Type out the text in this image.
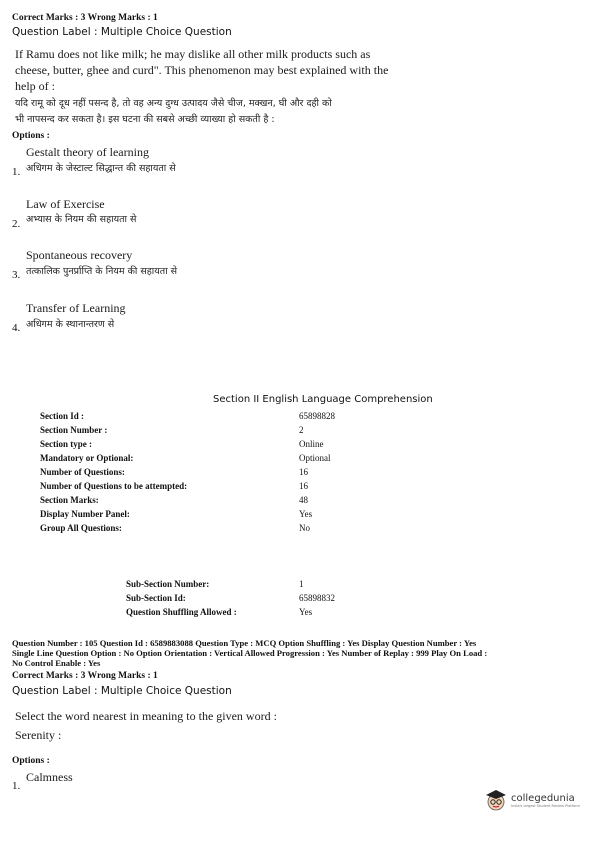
Correct Marks : 3 Wrong Marks : 1
Question Label : Multiple Choice Question
If Ramu does not like milk; he may dislike all other milk products such as
cheese, butter, ghee and curd". This phenomenon may best explained with the
help of :
यदि रामू को दूध नहीं पसन्द है, तो वह अन्य दुग्ध उत्पादय जैसे चीज, मक्खन, घी और दही को
भी नापसन्द कर सकता है। इस घटना की सबसे अच्छी व्याख्या हो सकती है :
Options :
Gestalt theory of learning
1. अधिगम के जेस्टाल्ट सिद्धान्त की सहायता से
Law of Exercise
2. अभ्यास के नियम की सहायता से
Spontaneous recovery
3. तत्कालिक पुनर्प्राप्ति के नियम की सहायता से
Transfer of Learning
4. अधिगम के स्थानान्तरण से
Section II English Language Comprehension
Section Id :	65898828
Section Number :	2
Section type :	Online
Mandatory or Optional:	Optional
Number of Questions:	16
Number of Questions to be attempted:	16
Section Marks:	48
Display Number Panel:	Yes
Group All Questions:	No
Sub-Section Number:	1
Sub-Section Id:	65898832
Question Shuffling Allowed :	Yes
Question Number : 105 Question Id : 6589883088 Question Type : MCQ Option Shuffling : Yes Display Question Number : Yes
Single Line Question Option : No Option Orientation : Vertical Allowed Progression : Yes Number of Replay : 999 Play On Load :
No Control Enable : Yes
Correct Marks : 3 Wrong Marks : 1
Question Label : Multiple Choice Question
Select the word nearest in meaning to the given word :
Serenity :
Options :
Calmness
1.
collegedunia
India's largest Student Review Platform
